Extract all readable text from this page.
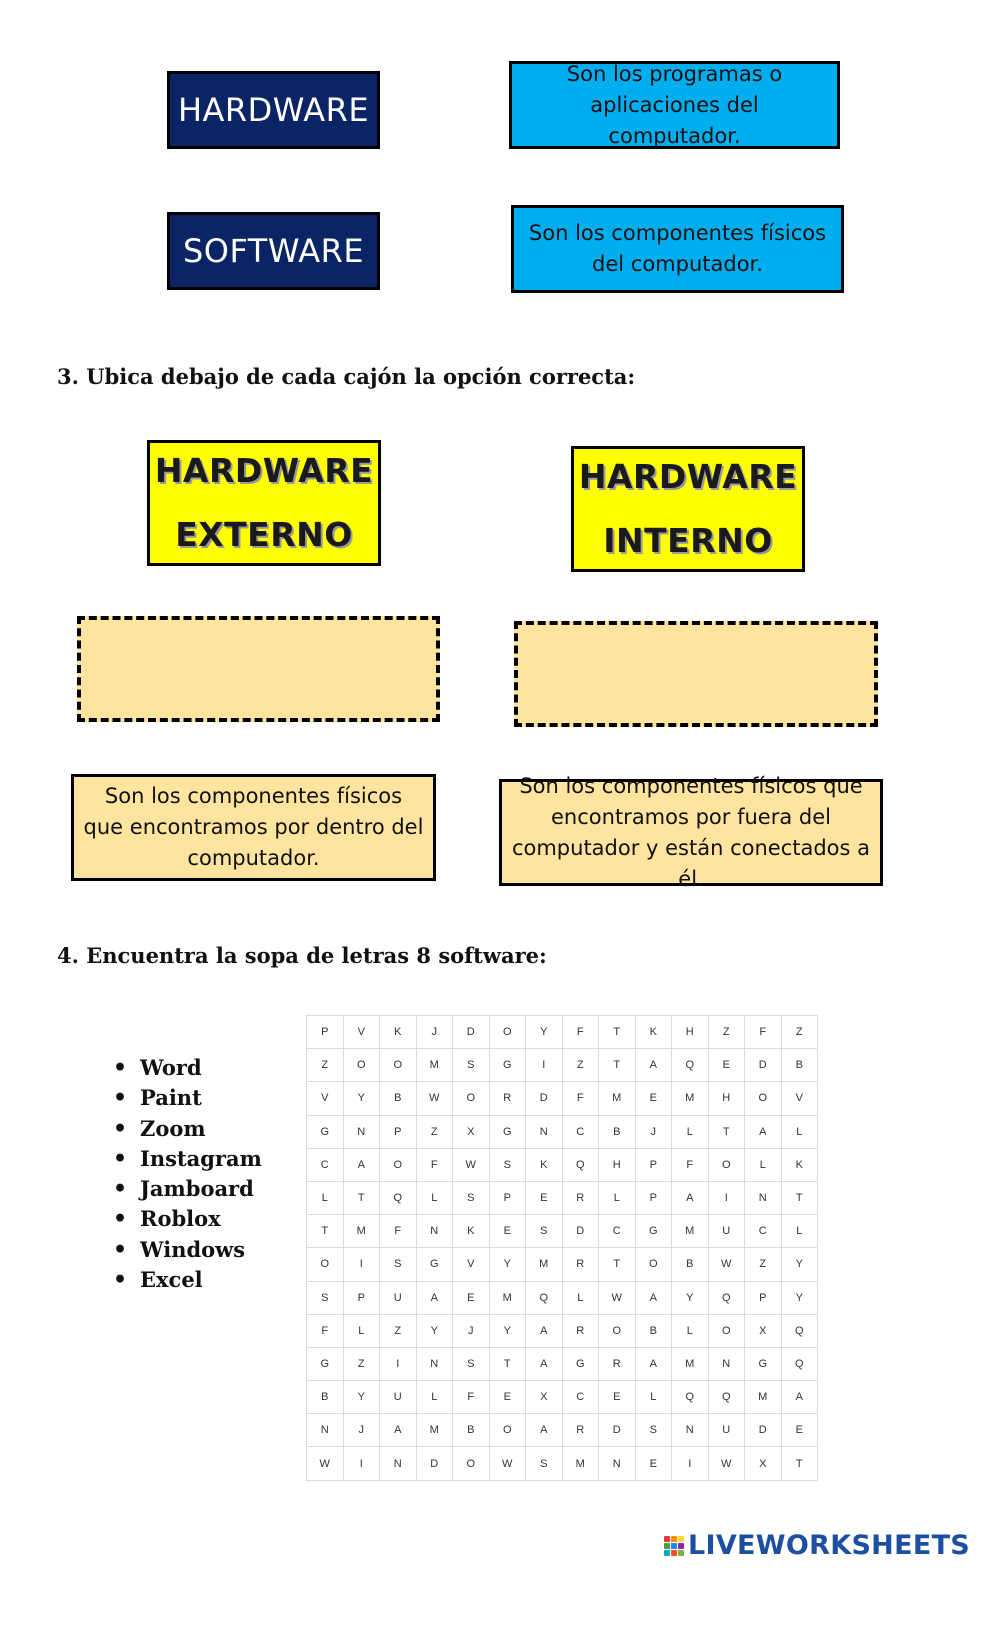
HARDWARE
Son los programas o aplicaciones del computador.
SOFTWARE	Son los componentes físicos del computador.
3. Ubica debajo de cada cajón la opción correcta:
HARDWARE
EXTERNO
HARDWARE
INTERNO
Son los componentes físicos que encontramos por dentro del computador.
Son los componentes físicos que encontramos por fuera del computador y están conectados a él.
4. Encuentra la sopa de letras 8 software:
• Word
• Paint
• Zoom
• Instagram
• Jamboard
• Roblox
• Windows
• Excel
P	V	K	J	D	O	Y	F	T	K	H	Z	F	Z
Z	O	O	M	S	G	I	Z	T	A	Q	E	D	B
V	Y	B	W	O	R	D	F	M	E	M	H	O	V
G	N	P	Z	X	G	N	C	B	J	L	T	A	L
C	A	O	F	W	S	K	Q	H	P	F	O	L	K
L	T	Q	L	S	P	E	R	L	P	A	I	N	T
T	M	F	N	K	E	S	D	C	G	M	U	C	L
O	I	S	G	V	Y	M	R	T	O	B	W	Z	Y
S	P	U	A	E	M	Q	L	W	A	Y	Q	P	Y
F	L	Z	Y	J	Y	A	R	O	B	L	O	X	Q
G	Z	I	N	S	T	A	G	R	A	M	N	G	Q
B	Y	U	L	F	E	X	C	E	L	Q	Q	M	A
N	J	A	M	B	O	A	R	D	S	N	U	D	E
W	I	N	D	O	W	S	M	N	E	I	W	X	T
LIVEWORKSHEETS
